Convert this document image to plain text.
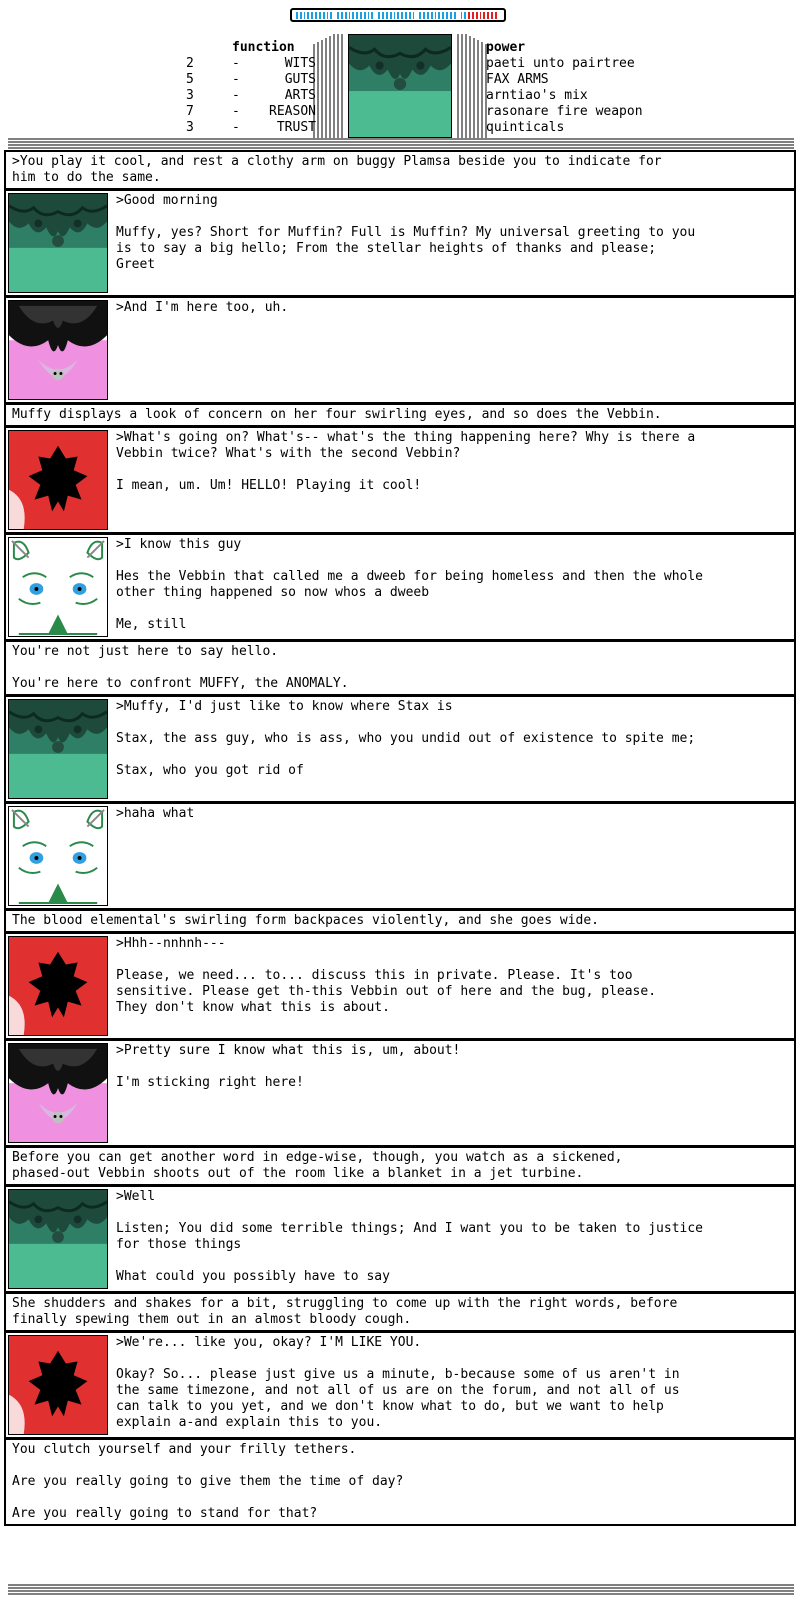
function	power
2	-	WITS	paeti unto pairtree
5	-	GUTS	FAX ARMS
3	-	ARTS	arntiao's mix
7	-	REASON	rasonare fire weapon
3	-	TRUST	quinticals
>You play it cool, and rest a clothy arm on buggy Plamsa beside you to indicate for
him to do the same.
>Good morning

Muffy, yes? Short for Muffin? Full is Muffin? My universal greeting to you
is to say a big hello; From the stellar heights of thanks and please;
Greet
>And I'm here too, uh.
Muffy displays a look of concern on her four swirling eyes, and so does the Vebbin.
>What's going on? What's-- what's the thing happening here? Why is there a
Vebbin twice? What's with the second Vebbin?

I mean, um. Um! HELLO! Playing it cool!
>I know this guy

Hes the Vebbin that called me a dweeb for being homeless and then the whole
other thing happened so now whos a dweeb

Me, still
You're not just here to say hello.

You're here to confront MUFFY, the ANOMALY.
>Muffy, I'd just like to know where Stax is

Stax, the ass guy, who is ass, who you undid out of existence to spite me;

Stax, who you got rid of
>haha what
The blood elemental's swirling form backpaces violently, and she goes wide.
>Hhh--nnhnh---

Please, we need... to... discuss this in private. Please. It's too
sensitive. Please get th-this Vebbin out of here and the bug, please.
They don't know what this is about.
>Pretty sure I know what this is, um, about!

I'm sticking right here!
Before you can get another word in edge-wise, though, you watch as a sickened,
phased-out Vebbin shoots out of the room like a blanket in a jet turbine.
>Well

Listen; You did some terrible things; And I want you to be taken to justice
for those things

What could you possibly have to say
She shudders and shakes for a bit, struggling to come up with the right words, before
finally spewing them out in an almost bloody cough.
>We're... like you, okay? I'M LIKE YOU.

Okay? So... please just give us a minute, b-because some of us aren't in
the same timezone, and not all of us are on the forum, and not all of us
can talk to you yet, and we don't know what to do, but we want to help
explain a-and explain this to you.
You clutch yourself and your frilly tethers.

Are you really going to give them the time of day?

Are you really going to stand for that?
